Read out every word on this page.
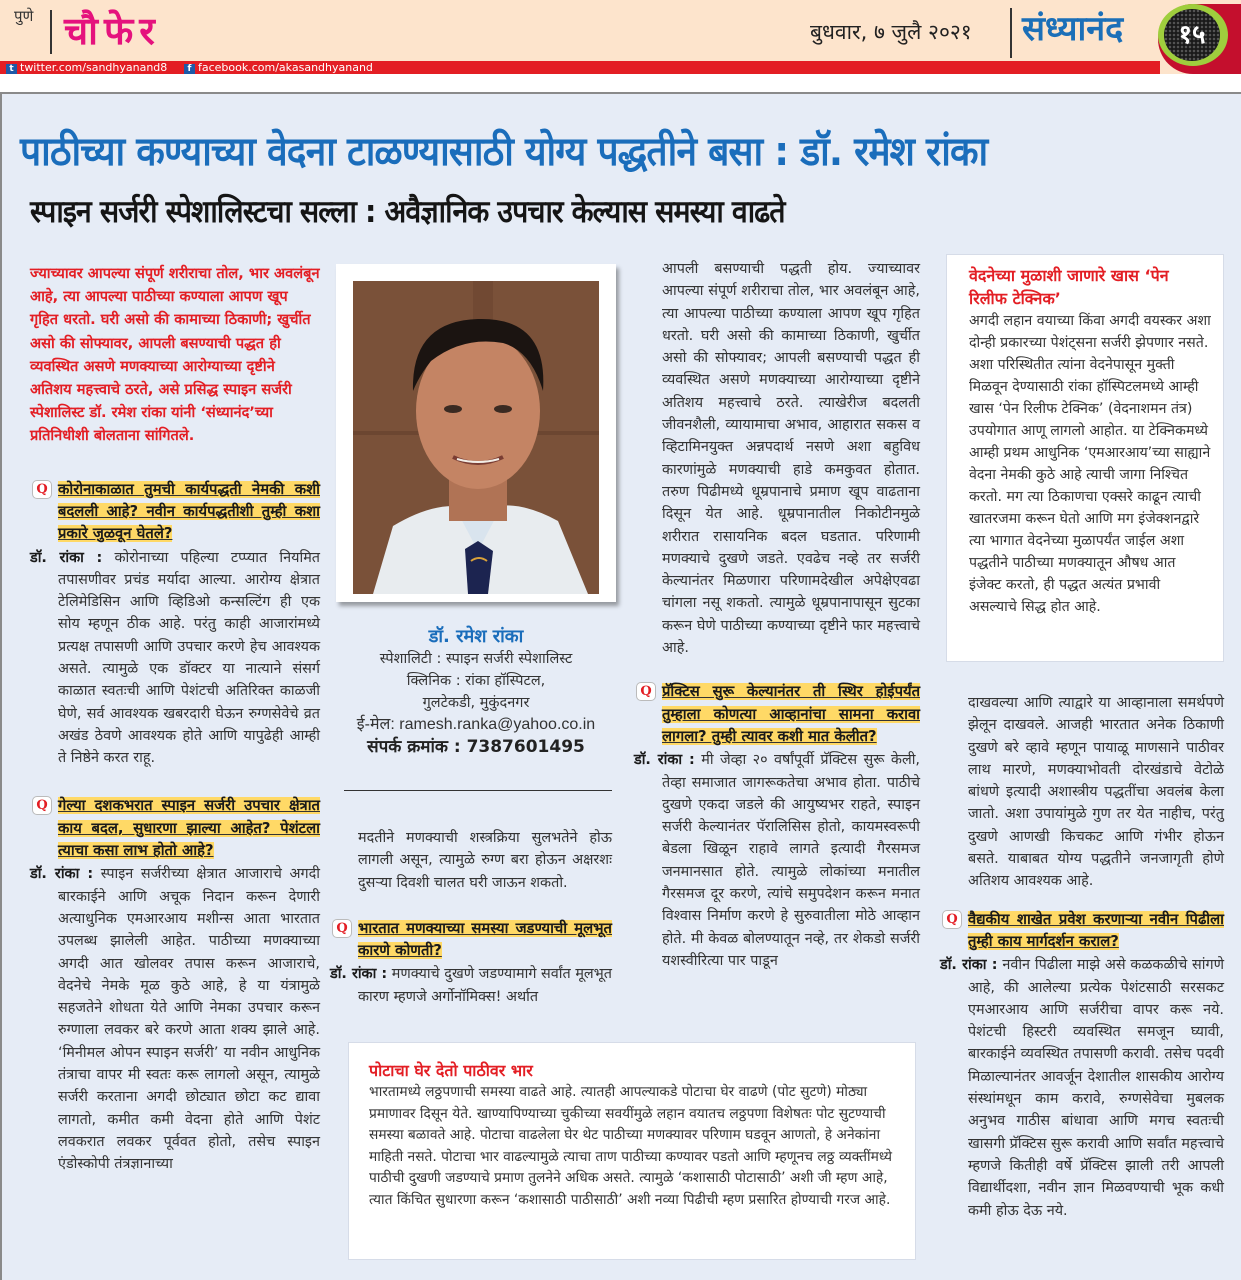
पुणे चौफेर	बुधवार, ७ जुलै २०२१ संध्यानंद	१५
t twitter.com/sandhyanand8	f facebook.com/akasandhyanand
पाठीच्या कण्याच्या वेदना टाळण्यासाठी योग्य पद्धतीने बसा : डॉ. रमेश रांका
स्पाइन सर्जरी स्पेशालिस्टचा सल्ला : अवैज्ञानिक उपचार केल्यास समस्या वाढते

ज्याच्यावर आपल्या संपूर्ण शरीराचा तोल, भार अवलंबून आहे, त्या आपल्या पाठीच्या कण्याला आपण खूप गृहित धरतो. घरी असो की कामाच्या ठिकाणी; खुर्चीत असो की सोफ्यावर, आपली बसण्याची पद्धत ही व्यवस्थित असणे मणक्याच्या आरोग्याच्या दृष्टीने अतिशय महत्त्वाचे ठरते, असे प्रसिद्ध स्पाइन सर्जरी स्पेशालिस्ट डॉ. रमेश रांका यांनी ‘संध्यानंद’च्या प्रतिनिधीशी बोलताना सांगितले.

Q कोरोनाकाळात तुमची कार्यपद्धती नेमकी कशी बदलली आहे? नवीन कार्यपद्धतीशी तुम्ही कशा प्रकारे जुळवून घेतले?

डॉ. रांका : कोरोनाच्या पहिल्या टप्प्यात नियमित तपासणीवर प्रचंड मर्यादा आल्या. आरोग्य क्षेत्रात टेलिमेडिसिन आणि व्हिडिओ कन्सल्टिंग ही एक सोय म्हणून ठीक आहे. परंतु काही आजारांमध्ये प्रत्यक्ष तपासणी आणि उपचार करणे हेच आवश्यक असते. त्यामुळे एक डॉक्टर या नात्याने संसर्ग काळात स्वतःची आणि पेशंटची अतिरिक्त काळजी घेणे, सर्व आवश्यक खबरदारी घेऊन रुग्णसेवेचे व्रत अखंड ठेवणे आवश्यक होते आणि यापुढेही आम्ही ते निष्ठेने करत राहू.

Q गेल्या दशकभरात स्पाइन सर्जरी उपचार क्षेत्रात काय बदल, सुधारणा झाल्या आहेत? पेशंटला त्याचा कसा लाभ होतो आहे?

डॉ. रांका : स्पाइन सर्जरीच्या क्षेत्रात आजाराचे अगदी बारकाईने आणि अचूक निदान करून देणारी अत्याधुनिक एमआरआय मशीन्स आता भारतात उपलब्ध झालेली आहेत. पाठीच्या मणक्याच्या अगदी आत खोलवर तपास करून आजाराचे, वेदनेचे नेमके मूळ कुठे आहे, हे या यंत्रामुळे सहजतेने शोधता येते आणि नेमका उपचार करून रुग्णाला लवकर बरे करणे आता शक्य झाले आहे. ‘मिनीमल ओपन स्पाइन सर्जरी’ या नवीन आधुनिक तंत्राचा वापर मी स्वतः करू लागलो असून, त्यामुळे सर्जरी करताना अगदी छोट्यात छोटा कट द्यावा लागतो, कमीत कमी वेदना होते आणि पेशंट लवकरात लवकर पूर्ववत होतो, तसेच स्पाइन एंडोस्कोपी तंत्रज्ञानाच्या

डॉ. रमेश रांका
स्पेशालिटी : स्पाइन सर्जरी स्पेशालिस्ट
क्लिनिक : रांका हॉस्पिटल,
गुलटेकडी, मुकुंदनगर
ई-मेल: ramesh.ranka@yahoo.co.in
संपर्क क्रमांक : 7387601495

मदतीने मणक्याची शस्त्रक्रिया सुलभतेने होऊ लागली असून, त्यामुळे रुग्ण बरा होऊन अक्षरशः दुसऱ्या दिवशी चालत घरी जाऊन शकतो.

Q भारतात मणक्याच्या समस्या जडण्याची मूलभूत कारणे कोणती?

डॉ. रांका : मणक्याचे दुखणे जडण्यामागे सर्वांत मूलभूत कारण म्हणजे अर्गोनॉमिक्स! अर्थात

आपली बसण्याची पद्धती होय. ज्याच्यावर आपल्या संपूर्ण शरीराचा तोल, भार अवलंबून आहे, त्या आपल्या पाठीच्या कण्याला आपण खूप गृहित धरतो. घरी असो की कामाच्या ठिकाणी, खुर्चीत असो की सोफ्यावर; आपली बसण्याची पद्धत ही व्यवस्थित असणे मणक्याच्या आरोग्याच्या दृष्टीने अतिशय महत्त्वाचे ठरते. त्याखेरीज बदलती जीवनशैली, व्यायामाचा अभाव, आहारात सकस व व्हिटामिनयुक्त अन्नपदार्थ नसणे अशा बहुविध कारणांमुळे मणक्याची हाडे कमकुवत होतात. तरुण पिढीमध्ये धूम्रपानाचे प्रमाण खूप वाढताना दिसून येत आहे. धूम्रपानातील निकोटीनमुळे शरीरात रासायनिक बदल घडतात. परिणामी मणक्याचे दुखणे जडते. एवढेच नव्हे तर सर्जरी केल्यानंतर मिळणारा परिणामदेखील अपेक्षेएवढा चांगला नसू शकतो. त्यामुळे धूम्रपानापासून सुटका करून घेणे पाठीच्या कण्याच्या दृष्टीने फार महत्त्वाचे आहे.

Q प्रॅक्टिस सुरू केल्यानंतर ती स्थिर होईपर्यंत तुम्हाला कोणत्या आव्हानांचा सामना करावा लागला? तुम्ही त्यावर कशी मात केलीत?

डॉ. रांका : मी जेव्हा २० वर्षांपूर्वी प्रॅक्टिस सुरू केली, तेव्हा समाजात जागरूकतेचा अभाव होता. पाठीचे दुखणे एकदा जडले की आयुष्यभर राहते, स्पाइन सर्जरी केल्यानंतर पॅरालिसिस होतो, कायमस्वरूपी बेडला खिळून राहावे लागते इत्यादी गैरसमज जनमानसात होते. त्यामुळे लोकांच्या मनातील गैरसमज दूर करणे, त्यांचे समुपदेशन करून मनात विश्वास निर्माण करणे हे सुरुवातीला मोठे आव्हान होते. मी केवळ बोलण्यातून नव्हे, तर शेकडो सर्जरी यशस्वीरित्या पार पाडून

वेदनेच्या मुळाशी जाणारे खास ‘पेन रिलीफ टेक्निक’
अगदी लहान वयाच्या किंवा अगदी वयस्कर अशा दोन्ही प्रकारच्या पेशंट्सना सर्जरी झेपणार नसते. अशा परिस्थितीत त्यांना वेदनेपासून मुक्ती मिळवून देण्यासाठी रांका हॉस्पिटलमध्ये आम्ही खास ‘पेन रिलीफ टेक्निक’ (वेदनाशमन तंत्र) उपयोगात आणू लागलो आहोत. या टेक्निकमध्ये आम्ही प्रथम आधुनिक ‘एमआरआय’च्या साह्याने वेदना नेमकी कुठे आहे त्याची जागा निश्चित करतो. मग त्या ठिकाणचा एक्सरे काढून त्याची खातरजमा करून घेतो आणि मग इंजेक्शनद्वारे त्या भागात वेदनेच्या मुळापर्यंत जाईल अशा पद्धतीने पाठीच्या मणक्यातून औषध आत इंजेक्ट करतो, ही पद्धत अत्यंत प्रभावी असल्याचे सिद्ध होत आहे.

दाखवल्या आणि त्याद्वारे या आव्हानाला समर्थपणे झेलून दाखवले. आजही भारतात अनेक ठिकाणी दुखणे बरे व्हावे म्हणून पायाळू माणसाने पाठीवर लाथ मारणे, मणक्याभोवती दोरखंडाचे वेटोळे बांधणे इत्यादी अशास्त्रीय पद्धतींचा अवलंब केला जातो. अशा उपायांमुळे गुण तर येत नाहीच, परंतु दुखणे आणखी किचकट आणि गंभीर होऊन बसते. याबाबत योग्य पद्धतीने जनजागृती होणे अतिशय आवश्यक आहे.

Q वैद्यकीय शाखेत प्रवेश करणाऱ्या नवीन पिढीला तुम्ही काय मार्गदर्शन कराल?

डॉ. रांका : नवीन पिढीला माझे असे कळकळीचे सांगणे आहे, की आलेल्या प्रत्येक पेशंटसाठी सरसकट एमआरआय आणि सर्जरीचा वापर करू नये. पेशंटची हिस्टरी व्यवस्थित समजून घ्यावी, बारकाईने व्यवस्थित तपासणी करावी. तसेच पदवी मिळाल्यानंतर आवर्जून देशातील शासकीय आरोग्य संस्थांमधून काम करावे, रुग्णसेवेचा मुबलक अनुभव गाठीस बांधावा आणि मगच स्वतःची खासगी प्रॅक्टिस सुरू करावी आणि सर्वांत महत्त्वाचे म्हणजे कितीही वर्षे प्रॅक्टिस झाली तरी आपली विद्यार्थीदशा, नवीन ज्ञान मिळवण्याची भूक कधी कमी होऊ देऊ नये.

पोटाचा घेर देतो पाठीवर भार
भारतामध्ये लठ्ठपणाची समस्या वाढते आहे. त्यातही आपल्याकडे पोटाचा घेर वाढणे (पोट सुटणे) मोठ्या प्रमाणावर दिसून येते. खाण्यापिण्याच्या चुकीच्या सवयींमुळे लहान वयातच लठ्ठपणा विशेषतः पोट सुटण्याची समस्या बळावते आहे. पोटाचा वाढलेला घेर थेट पाठीच्या मणक्यावर परिणाम घडवून आणतो, हे अनेकांना माहिती नसते. पोटाचा भार वाढल्यामुळे त्याचा ताण पाठीच्या कण्यावर पडतो आणि म्हणूनच लठ्ठ व्यक्तींमध्ये पाठीची दुखणी जडण्याचे प्रमाण तुलनेने अधिक असते. त्यामुळे ‘कशासाठी पोटासाठी’ अशी जी म्हण आहे, त्यात किंचित सुधारणा करून ‘कशासाठी पाठीसाठी’ अशी नव्या पिढीची म्हण प्रसारित होण्याची गरज आहे.
